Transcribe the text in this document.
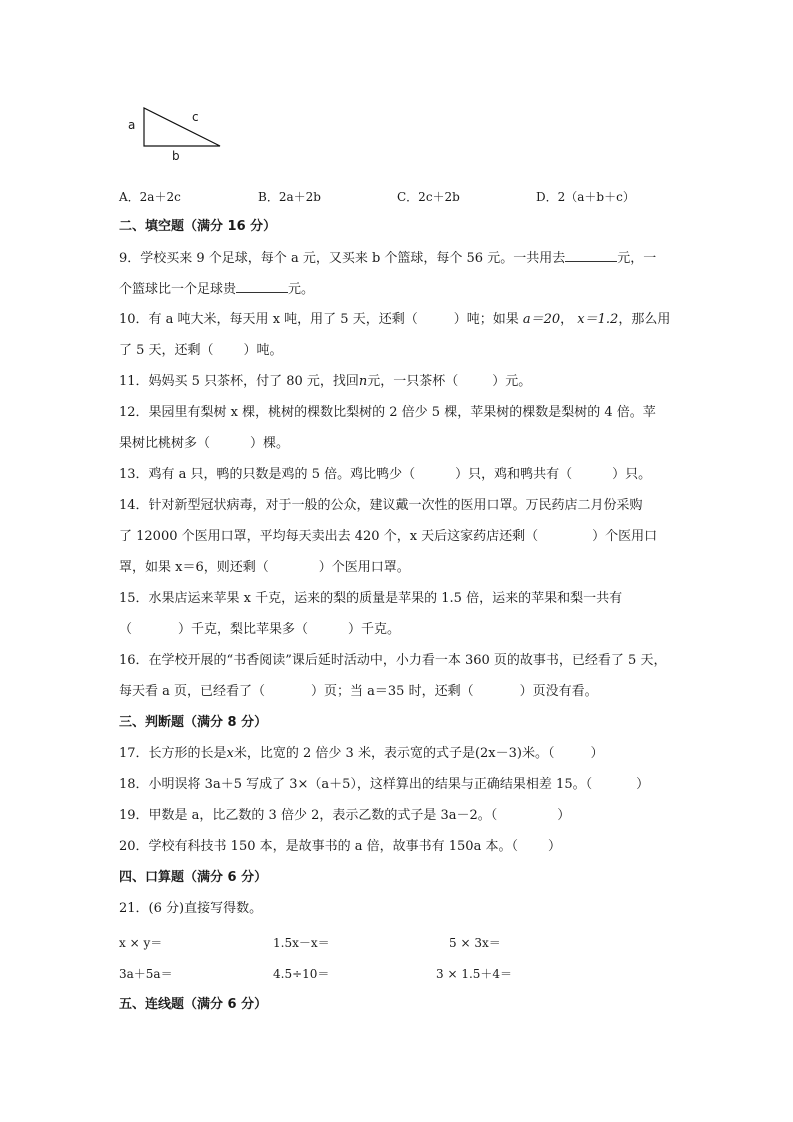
a
c
b
A．2a＋2c	B．2a＋2b	C．2c＋2b	D．2（a＋b＋c）
二、填空题（满分 16 分）
9．学校买来 9 个足球，每个 a 元，又买来 b 个篮球，每个 56 元。一共用去	元，一
个篮球比一个足球贵	元。
10．有 a 吨大米，每天用 x 吨，用了 5 天，还剩（	）吨；如果 a＝20， x＝1.2，那么用
了 5 天，还剩（ ）吨。
11．妈妈买 5 只茶杯，付了 80 元，找回n元，一只茶杯（	）元。
12．果园里有梨树 x 棵，桃树的棵数比梨树的 2 倍少 5 棵，苹果树的棵数是梨树的 4 倍。苹
果树比桃树多（	）棵。
13．鸡有 a 只，鸭的只数是鸡的 5 倍。鸡比鸭少（	）只，鸡和鸭共有（	）只。
14．针对新型冠状病毒，对于一般的公众，建议戴一次性的医用口罩。万民药店二月份采购
了 12000 个医用口罩，平均每天卖出去 420 个，x 天后这家药店还剩（	）个医用口
罩，如果 x＝6，则还剩（	）个医用口罩。
15．水果店运来苹果 x 千克，运来的梨的质量是苹果的 1.5 倍，运来的苹果和梨一共有
（	）千克，梨比苹果多（	）千克。
16．在学校开展的“书香阅读”课后延时活动中，小力看一本 360 页的故事书，已经看了 5 天，
每天看 a 页，已经看了（	）页；当 a＝35 时，还剩（	）页没有看。
三、判断题（满分 8 分）
17．长方形的长是x米，比宽的 2 倍少 3 米，表示宽的式子是(2x－3)米。（	）
18．小明误将 3a＋5 写成了 3×（a＋5），这样算出的结果与正确结果相差 15。（	）
19．甲数是 a，比乙数的 3 倍少 2，表示乙数的式子是 3a－2。（	）
20．学校有科技书 150 本，是故事书的 a 倍，故事书有 150a 本。（ ）
四、口算题（满分 6 分）
21．(6 分)直接写得数。
x × y＝	1.5x－x＝	5 × 3x＝
3a＋5a＝	4.5÷10＝	3 × 1.5＋4＝
五、连线题（满分 6 分）
